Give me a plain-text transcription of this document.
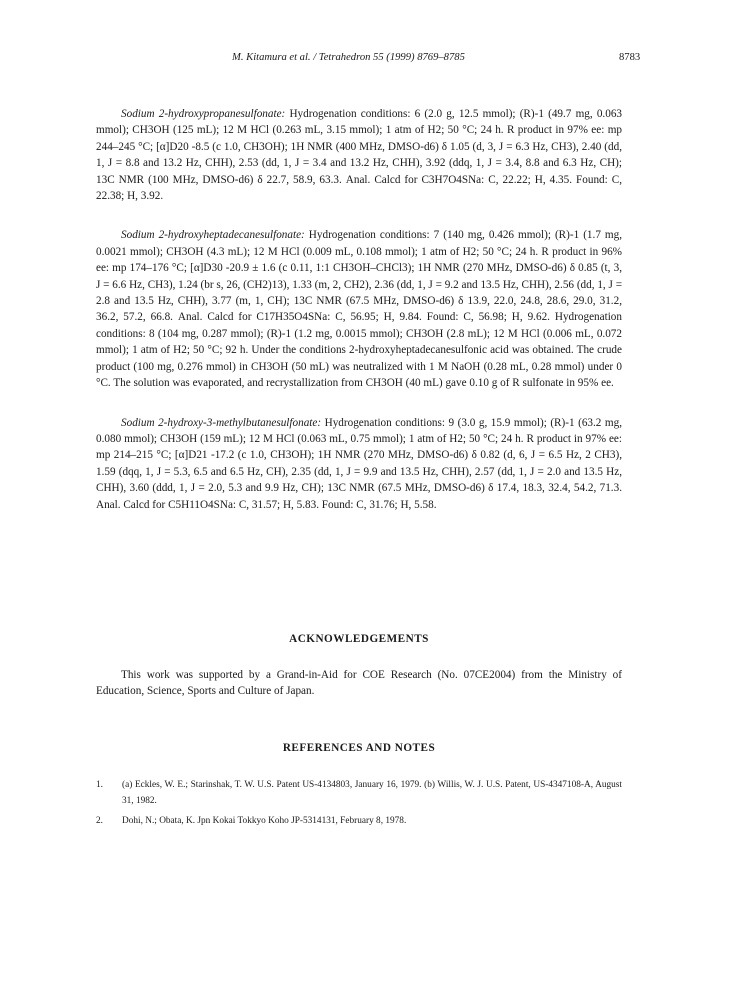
M. Kitamura et al. / Tetrahedron 55 (1999) 8769–8785	8783

Sodium 2-hydroxypropanesulfonate: Hydrogenation conditions: 6 (2.0 g, 12.5 mmol); (R)-1 (49.7 mg, 0.063 mmol); CH3OH (125 mL); 12 M HCl (0.263 mL, 3.15 mmol); 1 atm of H2; 50 °C; 24 h. R product in 97% ee: mp 244–245 °C; [α]D20 -8.5 (c 1.0, CH3OH); 1H NMR (400 MHz, DMSO-d6) δ 1.05 (d, 3, J = 6.3 Hz, CH3), 2.40 (dd, 1, J = 8.8 and 13.2 Hz, CHH), 2.53 (dd, 1, J = 3.4 and 13.2 Hz, CHH), 3.92 (ddq, 1, J = 3.4, 8.8 and 6.3 Hz, CH); 13C NMR (100 MHz, DMSO-d6) δ 22.7, 58.9, 63.3. Anal. Calcd for C3H7O4SNa: C, 22.22; H, 4.35. Found: C, 22.38; H, 3.92.

Sodium 2-hydroxyheptadecanesulfonate: Hydrogenation conditions: 7 (140 mg, 0.426 mmol); (R)-1 (1.7 mg, 0.0021 mmol); CH3OH (4.3 mL); 12 M HCl (0.009 mL, 0.108 mmol); 1 atm of H2; 50 °C; 24 h. R product in 96% ee: mp 174–176 °C; [α]D30 -20.9 ± 1.6 (c 0.11, 1:1 CH3OH–CHCl3); 1H NMR (270 MHz, DMSO-d6) δ 0.85 (t, 3, J = 6.6 Hz, CH3), 1.24 (br s, 26, (CH2)13), 1.33 (m, 2, CH2), 2.36 (dd, 1, J = 9.2 and 13.5 Hz, CHH), 2.56 (dd, 1, J = 2.8 and 13.5 Hz, CHH), 3.77 (m, 1, CH); 13C NMR (67.5 MHz, DMSO-d6) δ 13.9, 22.0, 24.8, 28.6, 29.0, 31.2, 36.2, 57.2, 66.8. Anal. Calcd for C17H35O4SNa: C, 56.95; H, 9.84. Found: C, 56.98; H, 9.62. Hydrogenation conditions: 8 (104 mg, 0.287 mmol); (R)-1 (1.2 mg, 0.0015 mmol); CH3OH (2.8 mL); 12 M HCl (0.006 mL, 0.072 mmol); 1 atm of H2; 50 °C; 92 h. Under the conditions 2-hydroxyheptadecanesulfonic acid was obtained. The crude product (100 mg, 0.276 mmol) in CH3OH (50 mL) was neutralized with 1 M NaOH (0.28 mL, 0.28 mmol) under 0 °C. The solution was evaporated, and recrystallization from CH3OH (40 mL) gave 0.10 g of R sulfonate in 95% ee.

Sodium 2-hydroxy-3-methylbutanesulfonate: Hydrogenation conditions: 9 (3.0 g, 15.9 mmol); (R)-1 (63.2 mg, 0.080 mmol); CH3OH (159 mL); 12 M HCl (0.063 mL, 0.75 mmol); 1 atm of H2; 50 °C; 24 h. R product in 97% ee: mp 214–215 °C; [α]D21 -17.2 (c 1.0, CH3OH); 1H NMR (270 MHz, DMSO-d6) δ 0.82 (d, 6, J = 6.5 Hz, 2 CH3), 1.59 (dqq, 1, J = 5.3, 6.5 and 6.5 Hz, CH), 2.35 (dd, 1, J = 9.9 and 13.5 Hz, CHH), 2.57 (dd, 1, J = 2.0 and 13.5 Hz, CHH), 3.60 (ddd, 1, J = 2.0, 5.3 and 9.9 Hz, CH); 13C NMR (67.5 MHz, DMSO-d6) δ 17.4, 18.3, 32.4, 54.2, 71.3. Anal. Calcd for C5H11O4SNa: C, 31.57; H, 5.83. Found: C, 31.76; H, 5.58.

ACKNOWLEDGEMENTS

This work was supported by a Grand-in-Aid for COE Research (No. 07CE2004) from the Ministry of Education, Science, Sports and Culture of Japan.

REFERENCES AND NOTES
1. (a) Eckles, W. E.; Starinshak, T. W. U.S. Patent US-4134803, January 16, 1979. (b) Willis, W. J. U.S. Patent, US-4347108-A, August 31, 1982.
2. Dohi, N.; Obata, K. Jpn Kokai Tokkyo Koho JP-5314131, February 8, 1978.
